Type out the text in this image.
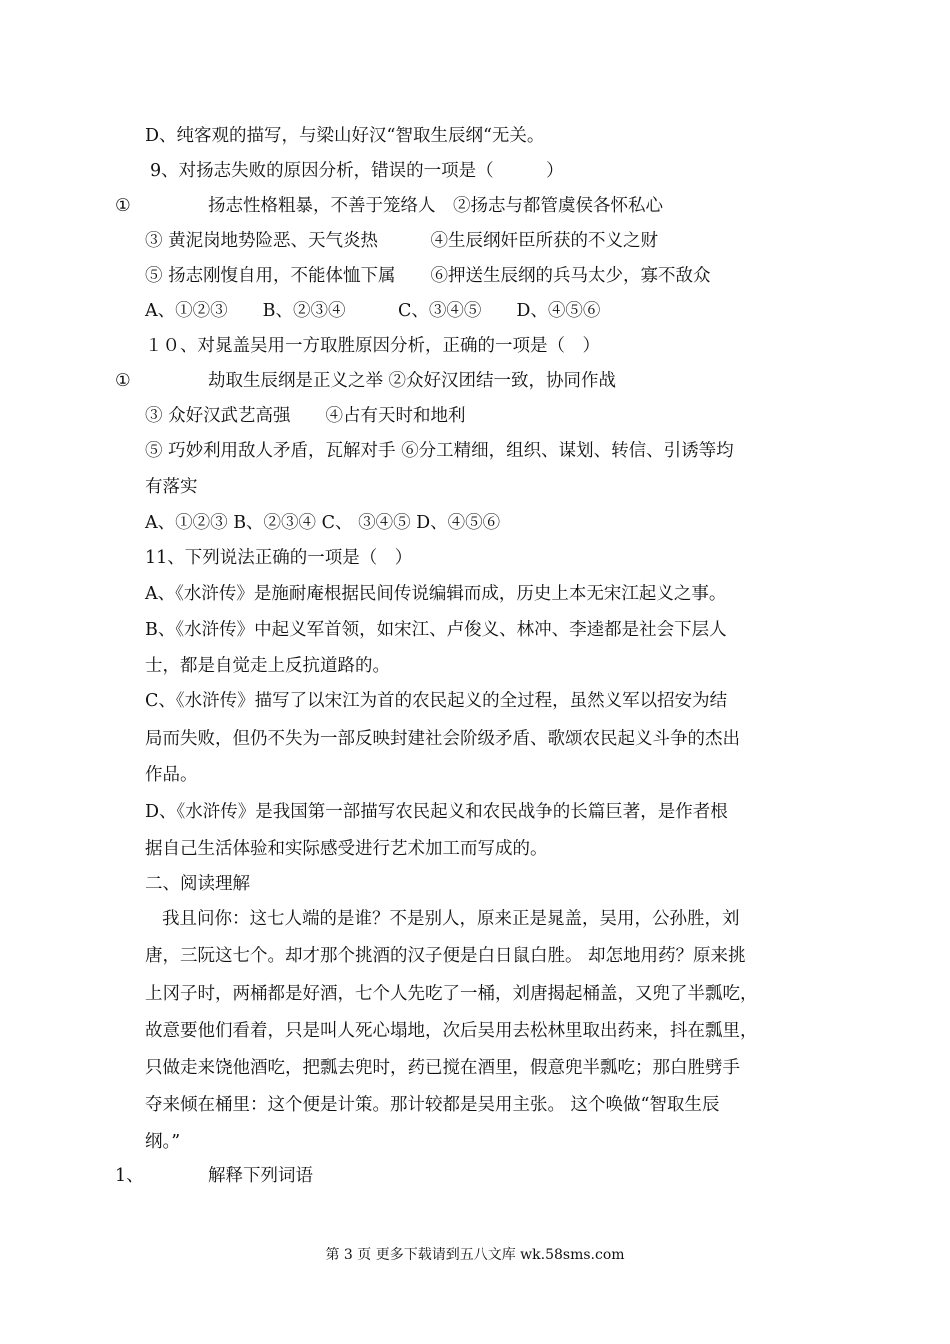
D、纯客观的描写，与梁山好汉“智取生辰纲“无关。

9、对扬志失败的原因分析，错误的一项是（　　　）

①	扬志性格粗暴，不善于笼络人　②扬志与都管虞侯各怀私心

③ 黄泥岗地势险恶、天气炎热　　　④生辰纲奸臣所获的不义之财

⑤ 扬志刚愎自用，不能体恤下属　　⑥押送生辰纲的兵马太少，寡不敌众

A、①②③　　B、②③④　　　C、③④⑤　　D、④⑤⑥

１０、对晁盖吴用一方取胜原因分析，正确的一项是（　）

①	劫取生辰纲是正义之举 ②众好汉团结一致，协同作战

③ 众好汉武艺高强　　④占有天时和地利

⑤ 巧妙利用敌人矛盾，瓦解对手 ⑥分工精细，组织、谋划、转信、引诱等均

有落实

A、①②③ B、②③④ C、 ③④⑤ D、④⑤⑥

11、下列说法正确的一项是（　）

A、《水浒传》是施耐庵根据民间传说编辑而成，历史上本无宋江起义之事。

B、《水浒传》中起义军首领，如宋江、卢俊义、林冲、李逵都是社会下层人

士，都是自觉走上反抗道路的。

C、《水浒传》描写了以宋江为首的农民起义的全过程，虽然义军以招安为结

局而失败，但仍不失为一部反映封建社会阶级矛盾、歌颂农民起义斗争的杰出

作品。

D、《水浒传》是我国第一部描写农民起义和农民战争的长篇巨著，是作者根

据自己生活体验和实际感受进行艺术加工而写成的。

二、阅读理解

我且问你：这七人端的是谁？不是别人，原来正是晁盖，吴用，公孙胜，刘

唐，三阮这七个。却才那个挑酒的汉子便是白日鼠白胜。 却怎地用药？原来挑

上冈子时，两桶都是好酒，七个人先吃了一桶，刘唐揭起桶盖，又兜了半瓢吃，

故意要他们看着，只是叫人死心塌地，次后吴用去松林里取出药来，抖在瓢里，

只做走来饶他酒吃，把瓢去兜时，药已搅在酒里，假意兜半瓢吃；那白胜劈手

夺来倾在桶里：这个便是计策。那计较都是吴用主张。 这个唤做“智取生辰

纲。”

1、	解释下列词语
第 3 页 更多下载请到五八文库 wk.58sms.com
